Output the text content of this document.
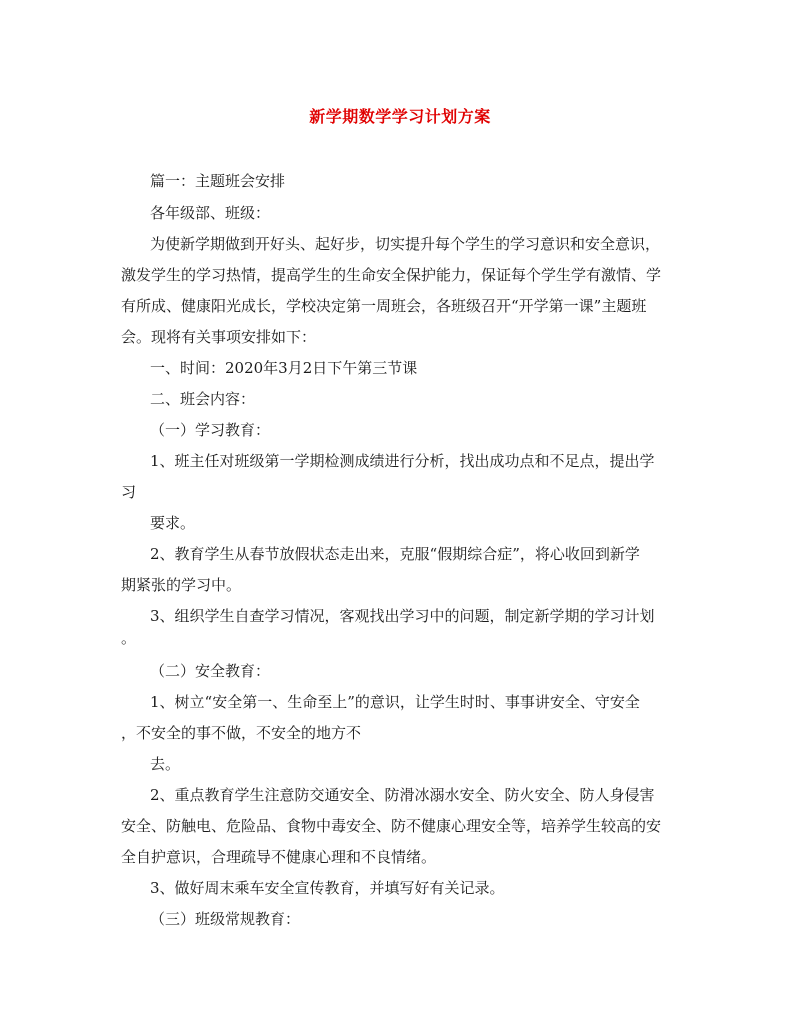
新学期数学学习计划方案
篇一：主题班会安排
各年级部、班级：
为使新学期做到开好头、起好步，切实提升每个学生的学习意识和安全意识，
激发学生的学习热情，提高学生的生命安全保护能力，保证每个学生学有激情、学
有所成、健康阳光成长，学校决定第一周班会，各班级召开“开学第一课”主题班
会。现将有关事项安排如下：
一、时间：2020年3月2日下午第三节课
二、班会内容：
（一）学习教育：
1、班主任对班级第一学期检测成绩进行分析，找出成功点和不足点，提出学
习
要求。
2、教育学生从春节放假状态走出来，克服“假期综合症”，将心收回到新学
期紧张的学习中。
3、组织学生自查学习情况，客观找出学习中的问题，制定新学期的学习计划
。
（二）安全教育：
1、树立“安全第一、生命至上”的意识，让学生时时、事事讲安全、守安全
，不安全的事不做，不安全的地方不
去。
2、重点教育学生注意防交通安全、防滑冰溺水安全、防火安全、防人身侵害
安全、防触电、危险品、食物中毒安全、防不健康心理安全等，培养学生较高的安
全自护意识，合理疏导不健康心理和不良情绪。
3、做好周末乘车安全宣传教育，并填写好有关记录。
（三）班级常规教育：
